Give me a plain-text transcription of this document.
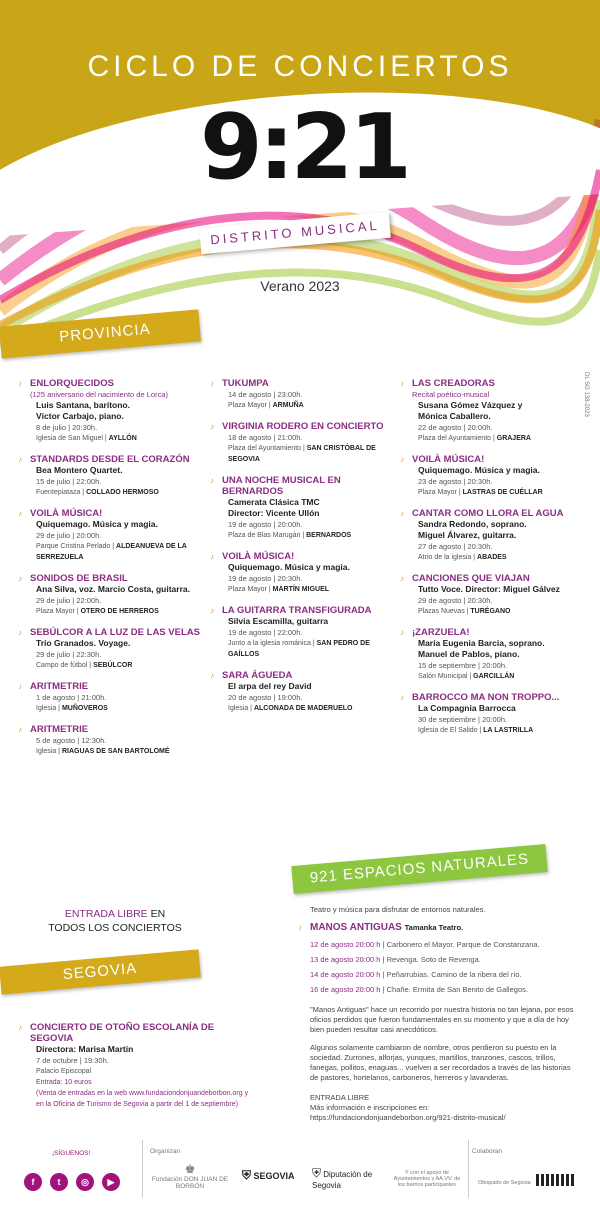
CICLO DE CONCIERTOS
9:21
DISTRITO MUSICAL
Verano 2023
DL SG 138-2023
PROVINCIA
♪ ENLORQUECIDOS
(125 aniversario del nacimiento de Lorca)
Luis Santana, barítono.
Víctor Carbajo, piano.
8 de julio | 20:30h.
Iglesia de San Miguel | AYLLÓN
♪ STANDARDS DESDE EL CORAZÓN
Bea Montero Quartet.
15 de julio | 22:00h.
Fuentepiataza | COLLADO HERMOSO
♪ VOILÀ MÚSICA!
Quiquemago. Música y magia.
29 de julio | 20:00h.
Parque Cristina Perlado | ALDEANUEVA DE LA SERREZUELA
♪ SONIDOS DE BRASIL
Ana Silva, voz. Marcio Costa, guitarra.
29 de julio | 22:00h.
Plaza Mayor | OTERO DE HERREROS
♪ SEBÚLCOR A LA LUZ DE LAS VELAS
Trío Granados. Voyage.
29 de julio | 22:30h.
Campo de fútbol | SEBÚLCOR
♪ ARITMETRIE
1 de agosto | 21:00h.
Iglesia | MUÑOVEROS
♪ ARITMETRIE
5 de agosto | 12:30h.
Iglesia | RIAGUAS DE SAN BARTOLOMÉ
♪ TUKUMPA
14 de agosto | 23:00h.
Plaza Mayor | ARMUÑA
♪ VIRGINIA RODERO EN CONCIERTO
18 de agosto | 21:00h.
Plaza del Ayuntamiento | SAN CRISTÓBAL DE SEGOVIA
♪ UNA NOCHE MUSICAL EN BERNARDOS
Camerata Clásica TMC
Director: Vicente Ullón
19 de agosto | 20:00h.
Plaza de Blas Marugán | BERNARDOS
♪ VOILÀ MÚSICA!
Quiquemago. Música y magia.
19 de agosto | 20:30h.
Plaza Mayor | MARTÍN MIGUEL
♪ LA GUITARRA TRANSFIGURADA
Silvia Escamilla, guitarra
19 de agosto | 22:00h.
Junto a la iglesia románica | SAN PEDRO DE GAÍLLOS
♪ SARA ÁGUEDA
El arpa del rey David
20 de agosto | 19:00h.
Iglesia | ALCONADA DE MADERUELO
♪ LAS CREADORAS
Recital poético-musical
Susana Gómez Vázquez y
Mónica Caballero.
22 de agosto | 20:00h.
Plaza del Ayuntamiento | GRAJERA
♪ VOILÀ MÚSICA!
Quiquemago. Música y magia.
23 de agosto | 20:30h.
Plaza Mayor | LASTRAS DE CUÉLLAR
♪ CANTAR COMO LLORA EL AGUA
Sandra Redondo, soprano.
Miguel Álvarez, guitarra.
27 de agosto | 20:30h.
Atrio de la iglesia | ABADES
♪ CANCIONES QUE VIAJAN
Tutto Voce. Director: Miguel Gálvez
29 de agosto | 20:30h.
Plazas Nuevas | TURÉGANO
♪ ¡ZARZUELA!
María Eugenia Barcia, soprano.
Manuel de Pablos, piano.
15 de septiembre | 20:00h.
Salón Municipal | GARCILLÁN
♪ BARROCCO MA NON TROPPO...
La Compagnia Barrocca
30 de septiembre | 20:00h.
Iglesia de El Salido | LA LASTRILLA
ENTRADA LIBRE EN
TODOS LOS CONCIERTOS
SEGOVIA
♪ CONCIERTO DE OTOÑO ESCOLANÍA DE SEGOVIA
Directora: Marisa Martín
7 de octubre | 19:30h.
Palacio Episcopal
Entrada: 10 euros
(Venta de entradas en la web www.fundaciondonjuandeborbon.org y en la Oficina de Turismo de Segovia a partir del 1 de septiembre)
921 ESPACIOS NATURALES
Teatro y música para disfrutar de entornos naturales.
♪ MANOS ANTIGUAS Tamanka Teatro.
12 de agosto 20:00 h | Carbonero el Mayor. Parque de Constanzana.
13 de agosto 20:00 h | Revenga. Soto de Revenga.
14 de agosto 20:00 h | Peñarrubias. Camino de la ribera del río.
16 de agosto 20:00 h | Chañe. Ermita de San Benito de Gallegos.
"Manos Antiguas" hace un recorrido por nuestra historia no tan lejana, por esos oficios perdidos que fueron fundamentales en su momento y que a día de hoy bien pueden resultar casi anecdóticos.
Algunos solamente cambiaron de nombre, otros perdieron su puesto en la sociedad. Zurrones, alforjas, yunques, martillos, tranzones, cascos, trillos, fanegas, pollitos, enaguas... vuelven a ser recordados a través de las historias de pastores, hortelanos, carboneros, herreros y lavanderas.
ENTRADA LIBRE
Más información e inscripciones en:
https://fundaciondonjuandeborbon.org/921-distrito-musical/
¡SÍGUENOS!
f	t	◎	▶
Organizan
♚
Fundación DON JUAN DE BORBÓN
⛨ SEGOVIA ⛨ Diputación de Segovia
Y con el apoyo de Ayuntamientos y AA.VV. de los barrios participantes
Colaboran
Obispado de Segovia
